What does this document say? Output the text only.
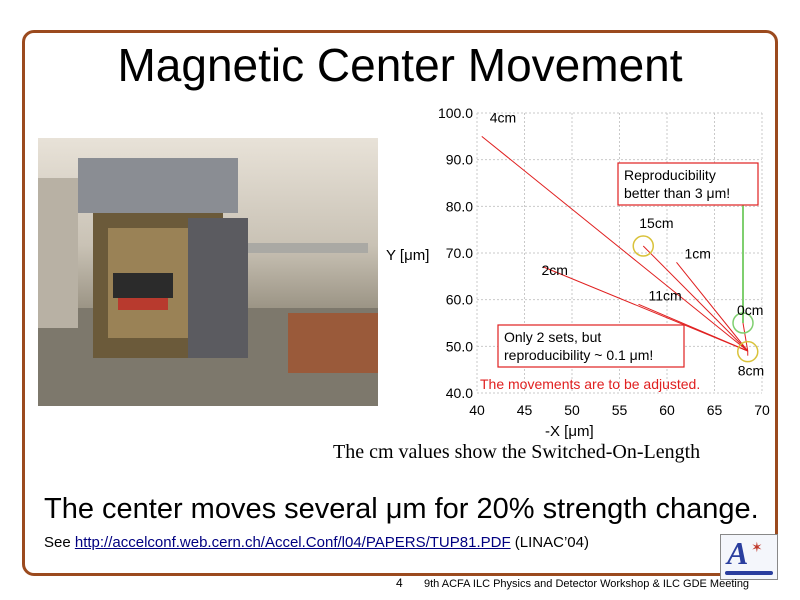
Magnetic Center Movement
40.0
50.0
60.0
70.0
80.0
90.0
100.0
40 45 50 55 60 65 70
Y [μm]
-X [μm]
4cm
15cm
1cm
2cm
0cm
11cm
8cm
Reproducibility
better than 3 μm!
Only 2 sets, but
reproducibility ~ 0.1 μm!
The movements are to be adjusted.
The cm values show the Switched-On-Length
The center moves several μm for 20% strength change.
See http://accelconf.web.cern.ch/Accel.Conf/l04/PAPERS/TUP81.PDF (LINAC’04)	A ✶
4 9th ACFA ILC Physics and Detector Workshop & ILC GDE Meeting
